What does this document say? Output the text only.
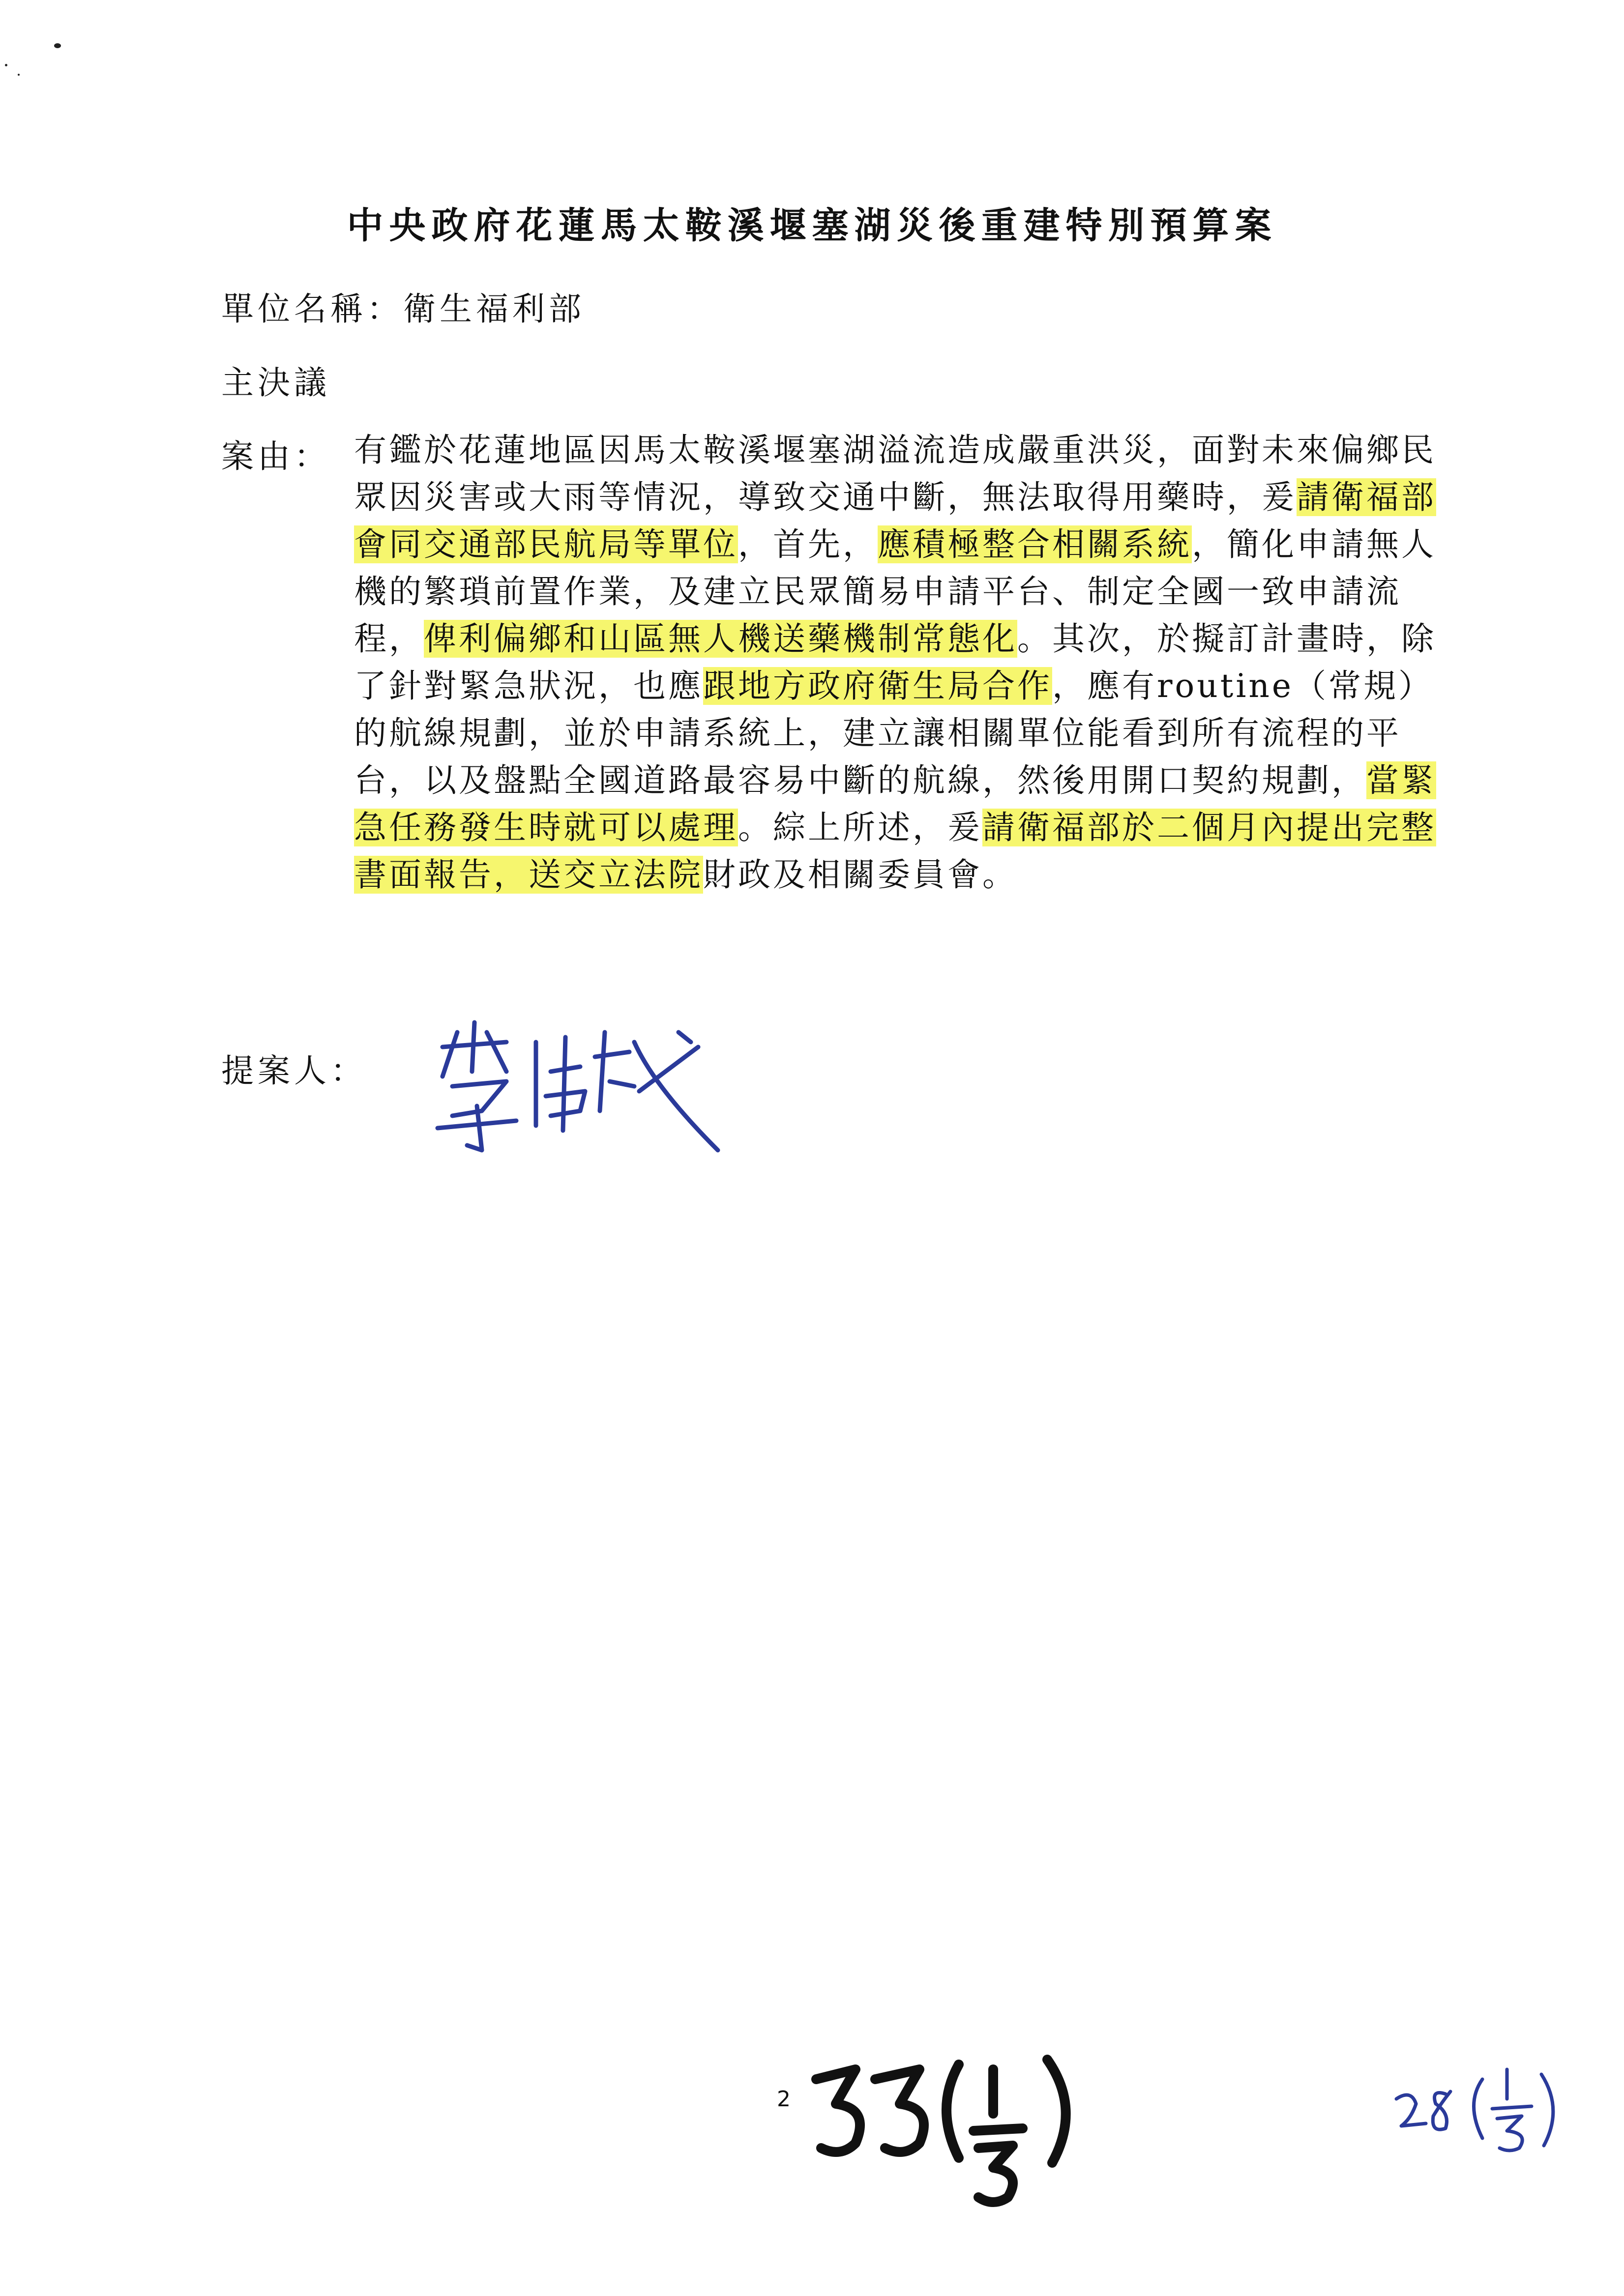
中央政府花蓮馬太鞍溪堰塞湖災後重建特別預算案
單位名稱：衛生福利部
主決議
案由： 有鑑於花蓮地區因馬太鞍溪堰塞湖溢流造成嚴重洪災，面對未來偏鄉民眾因災害或大雨等情況，導致交通中斷，無法取得用藥時，爰請衛福部會同交通部民航局等單位，首先，應積極整合相關系統，簡化申請無人機的繁瑣前置作業，及建立民眾簡易申請平台、制定全國一致申請流程，俾利偏鄉和山區無人機送藥機制常態化。其次，於擬訂計畫時，除了針對緊急狀況，也應跟地方政府衛生局合作，應有routine（常規）的航線規劃，並於申請系統上，建立讓相關單位能看到所有流程的平台，以及盤點全國道路最容易中斷的航線，然後用開口契約規劃，當緊急任務發生時就可以處理。綜上所述，爰請衛福部於二個月內提出完整書面報告，送交立法院財政及相關委員會。
提案人：
2
